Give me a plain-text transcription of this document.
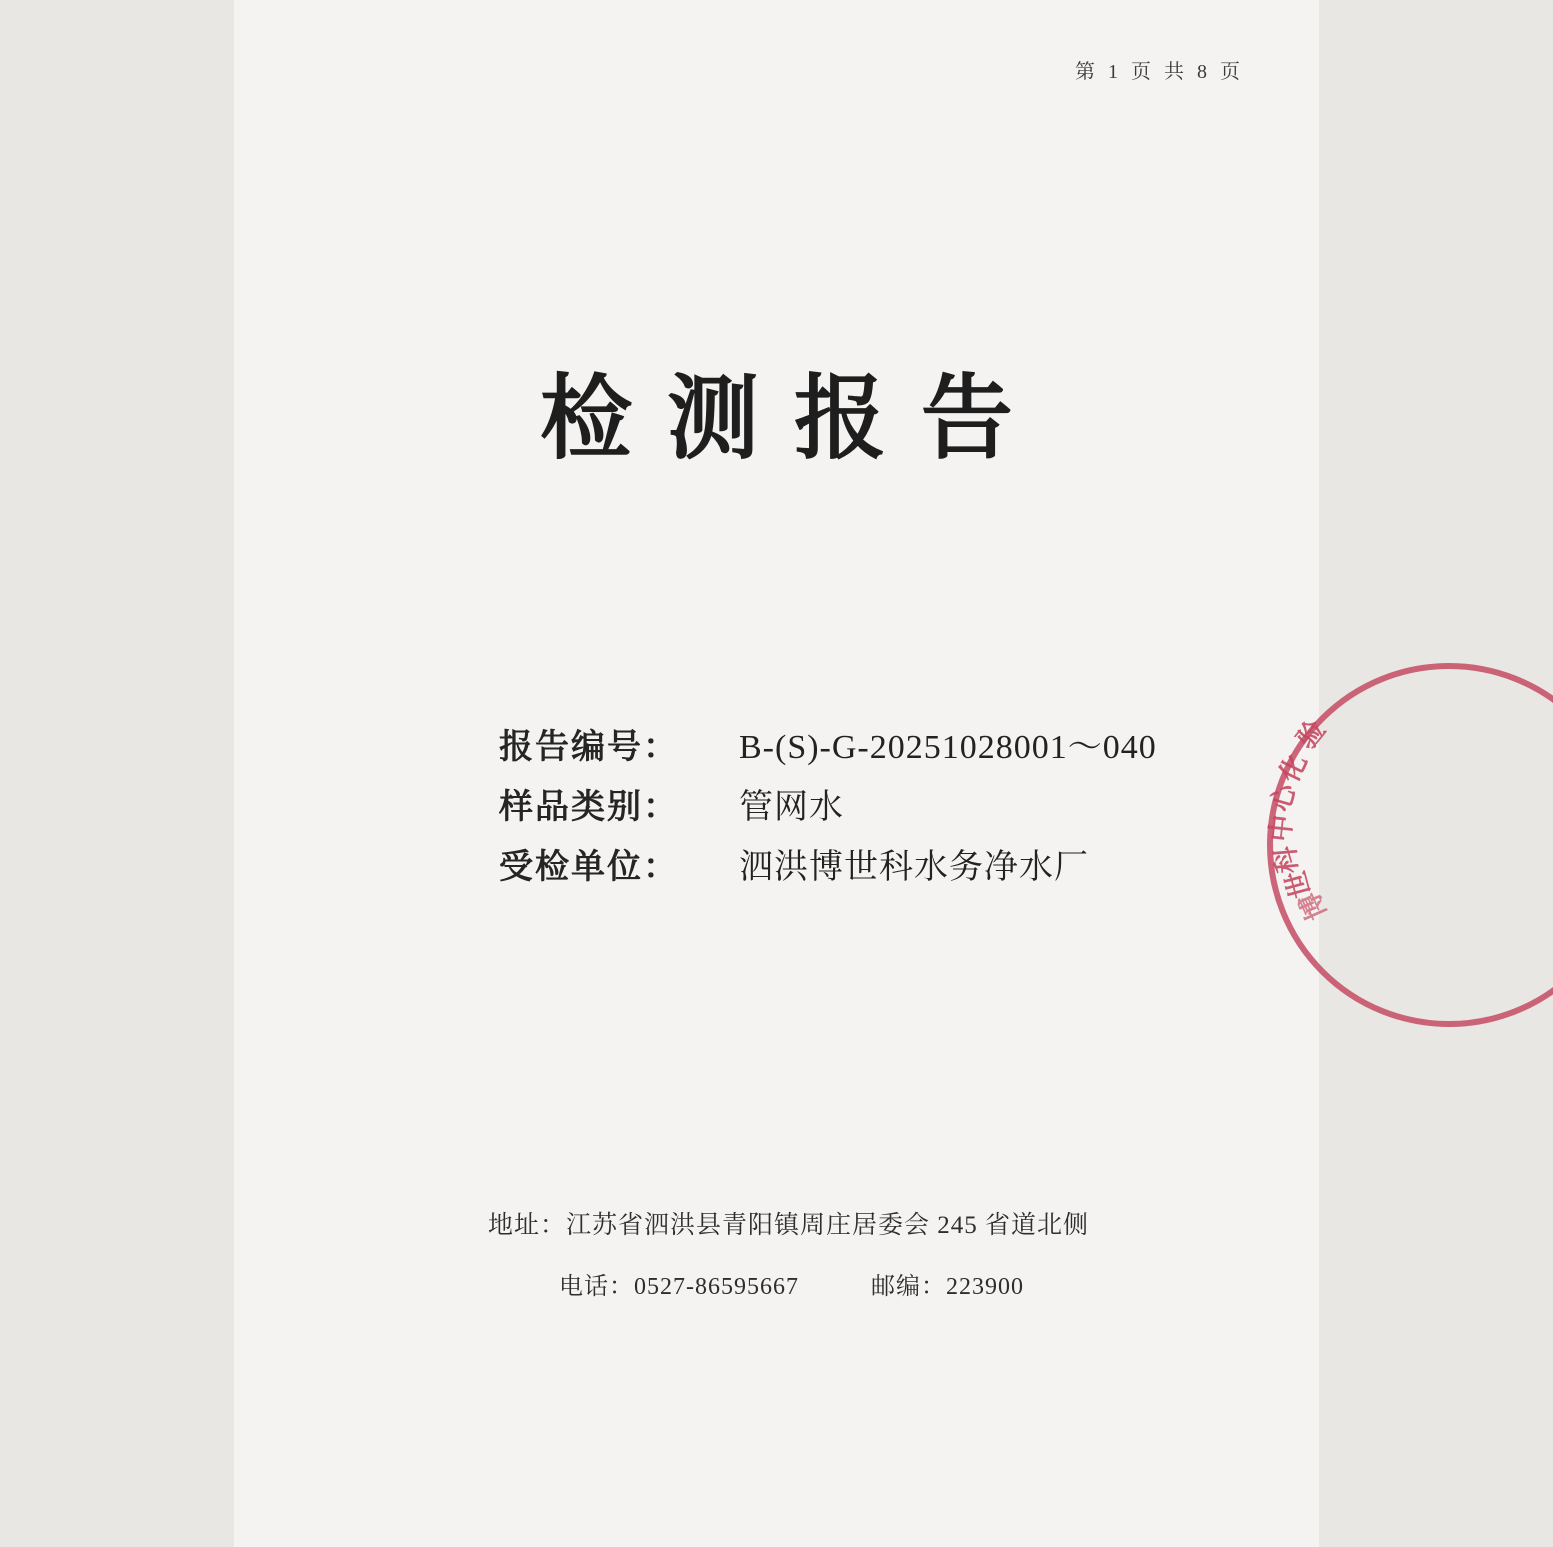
第 1 页 共 8 页
检测报告
报告编号：	B-(S)-G-20251028001～040
样品类别：	管网水
受检单位：	泗洪博世科水务净水厂
地址：江苏省泗洪县青阳镇周庄居委会 245 省道北侧
电话：0527-86595667	邮编：223900
验
化
心
中
科
世
博
